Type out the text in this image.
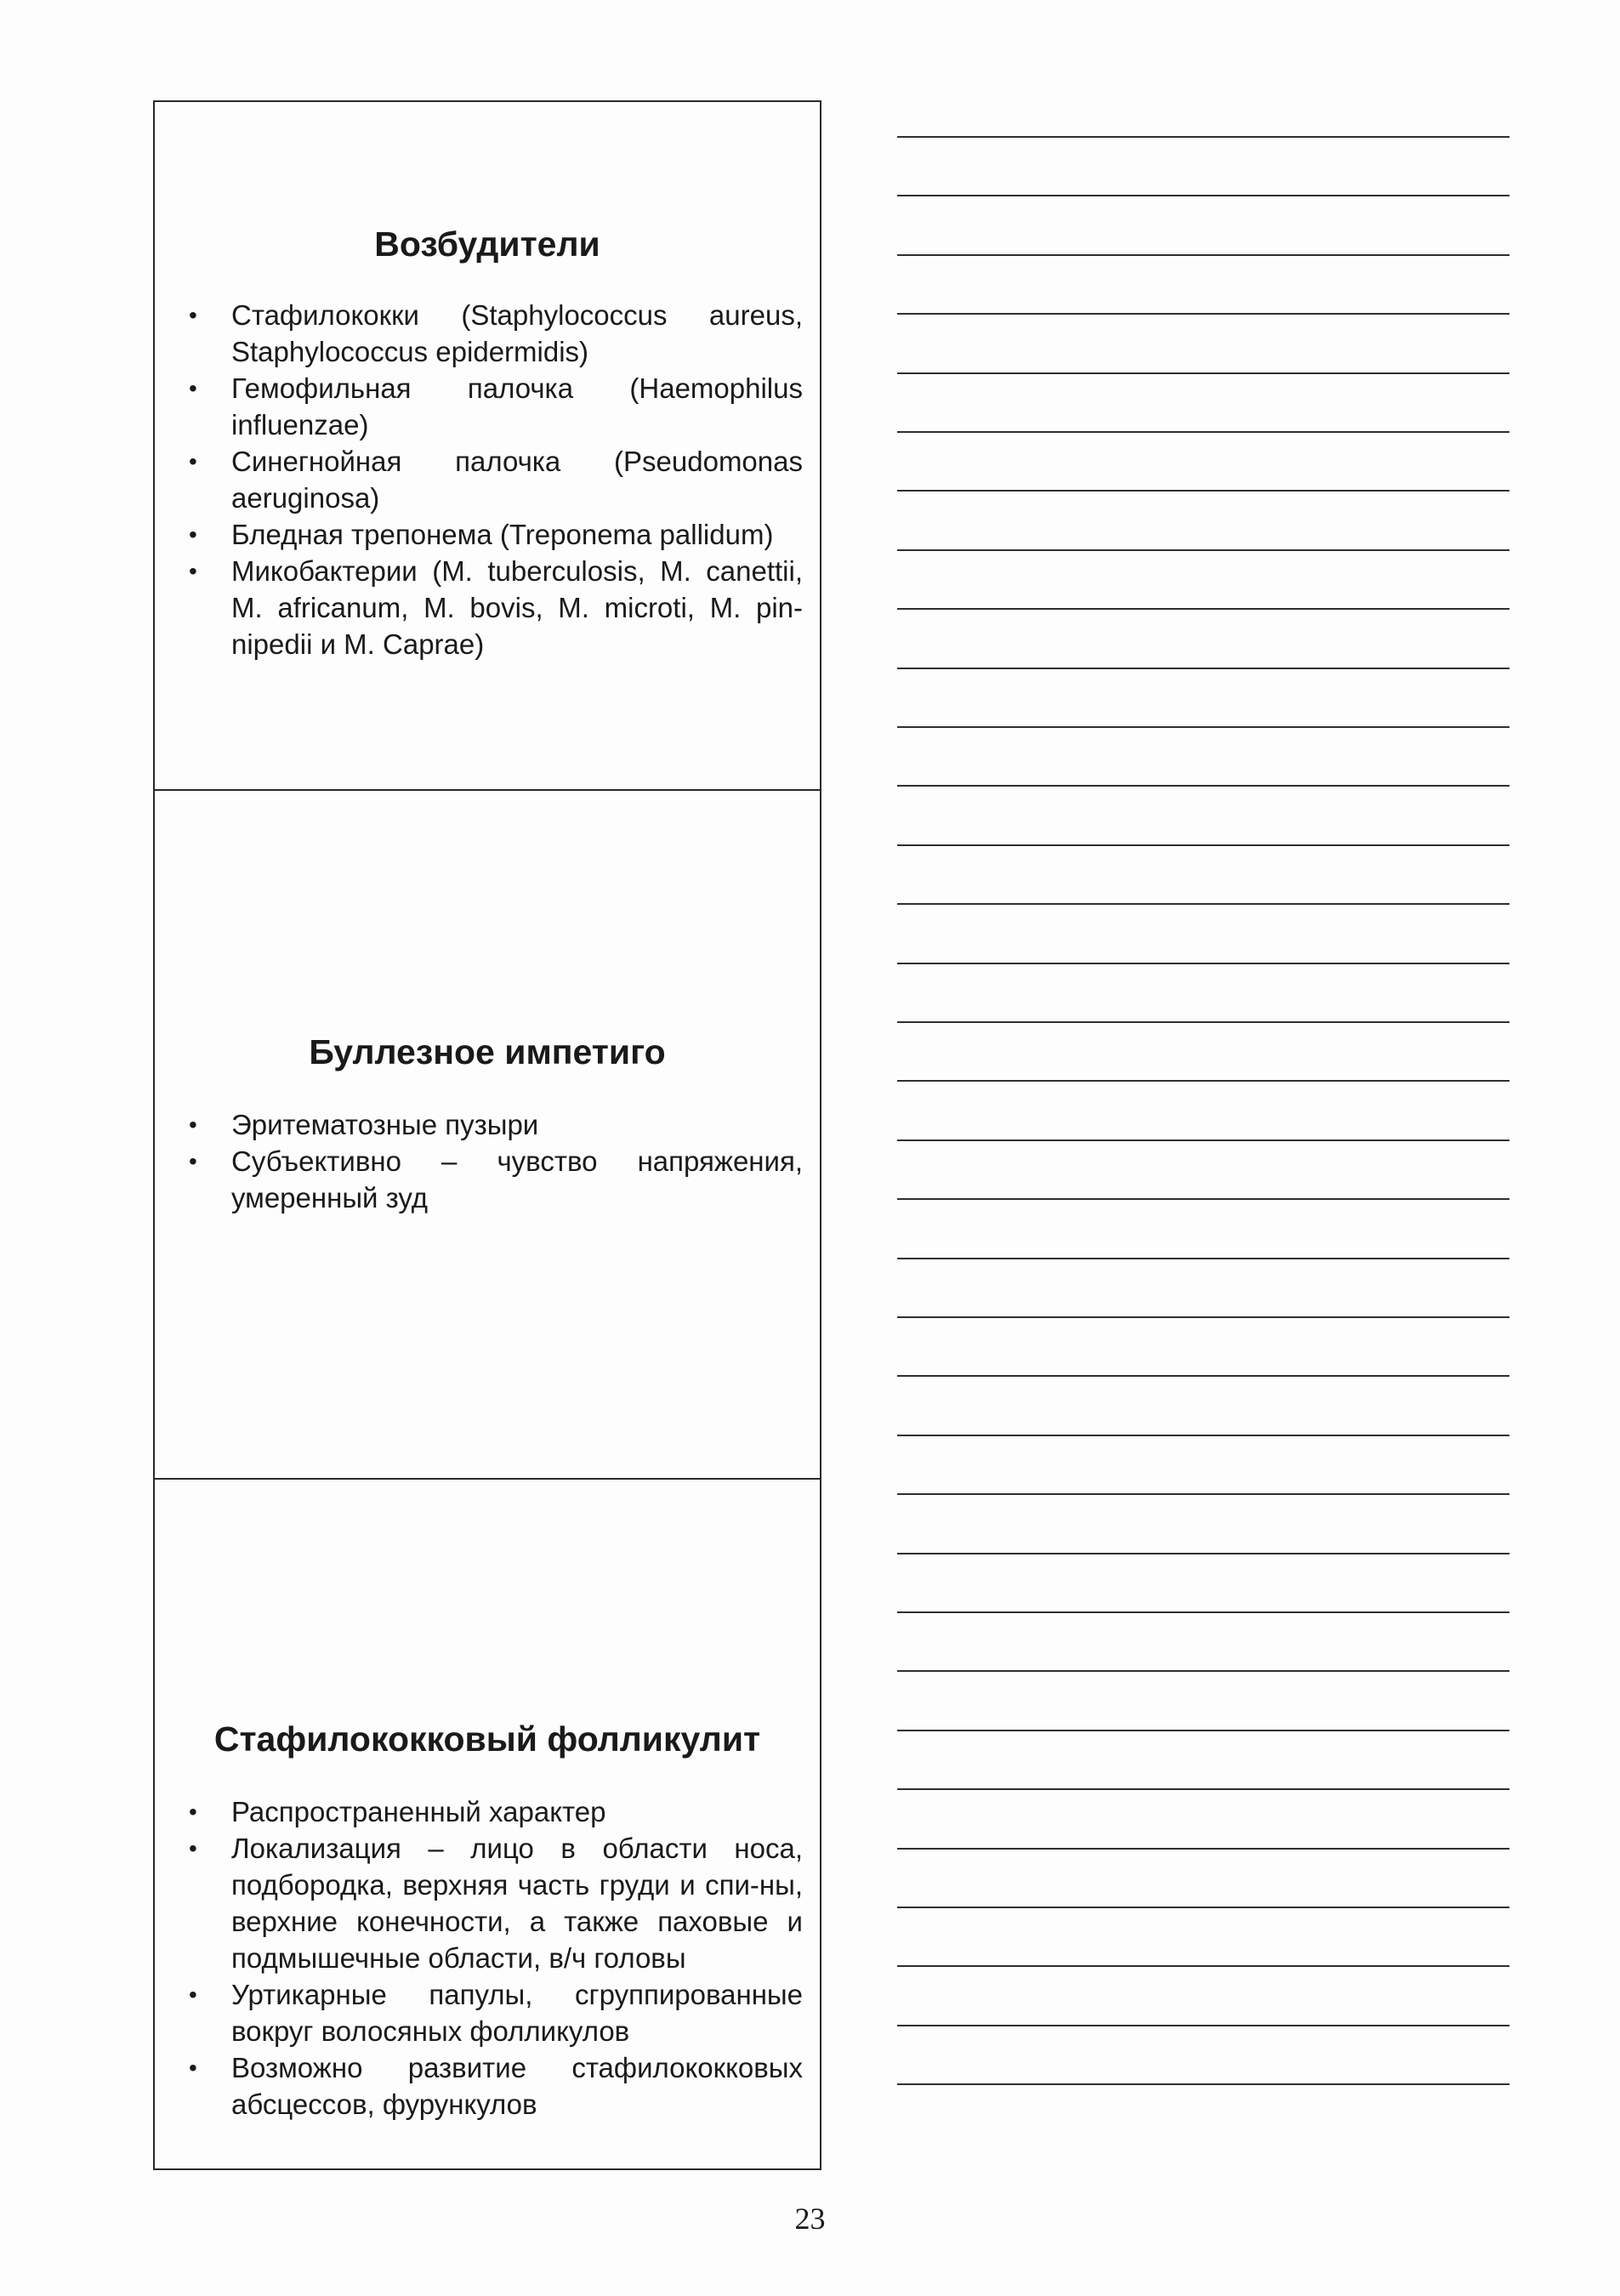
Возбудители
•	Стафилококки (Staphylococcus aureus, Staphylococcus epidermidis)
•	Гемофильная палочка (Haemophilus influenzae)
•	Синегнойная палочка (Pseudomonas aeruginosa)
•	Бледная трепонема (Treponema pallidum)
•	Микобактерии (M. tuberculosis, M. canettii, M. africanum, M. bovis, M. microti, M. pin-nipedii и M. Caprae)
Буллезное импетиго
•	Эритематозные пузыри
•	Субъективно – чувство напряжения, умеренный зуд
Стафилококковый фолликулит
•	Распространенный характер
•	Локализация – лицо в области носа, подбородка, верхняя часть груди и спи-ны, верхние конечности, а также паховые и подмышечные области, в/ч головы
•	Уртикарные папулы, сгруппированные вокруг волосяных фолликулов
•	Возможно развитие стафилококковых абсцессов, фурункулов
23
